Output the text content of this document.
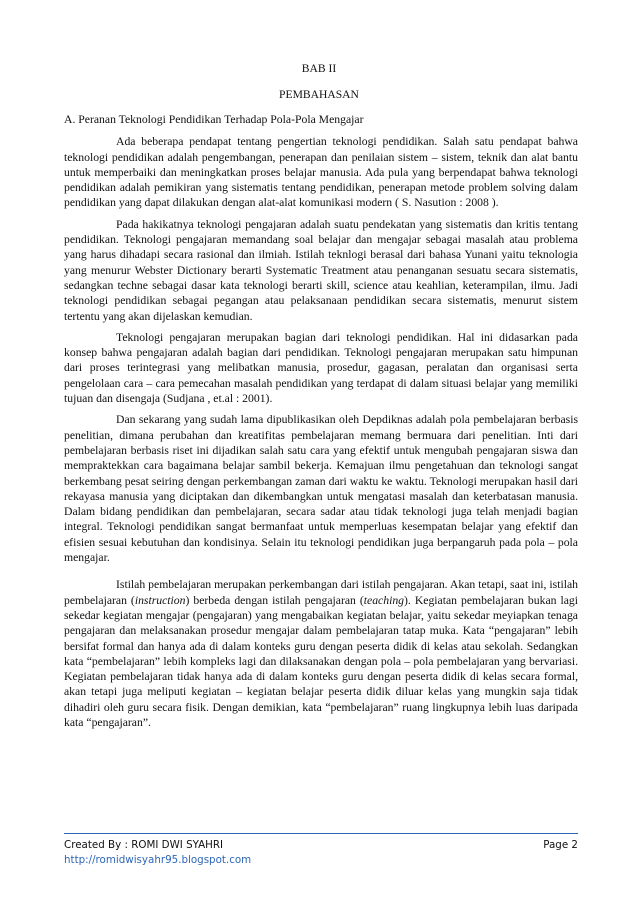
BAB II
PEMBAHASAN

A. Peranan Teknologi Pendidikan Terhadap Pola-Pola Mengajar

Ada beberapa pendapat tentang pengertian teknologi pendidikan. Salah satu pendapat bahwa teknologi pendidikan adalah pengembangan, penerapan dan penilaian sistem – sistem, teknik dan alat bantu untuk memperbaiki dan meningkatkan proses belajar manusia. Ada pula yang berpendapat bahwa teknologi pendidikan adalah pemikiran yang sistematis tentang pendidikan, penerapan metode problem solving dalam pendidikan yang dapat dilakukan dengan alat-alat komunikasi modern ( S. Nasution : 2008 ).

Pada hakikatnya teknologi pengajaran adalah suatu pendekatan yang sistematis dan kritis tentang pendidikan. Teknologi pengajaran memandang soal belajar dan mengajar sebagai masalah atau problema yang harus dihadapi secara rasional dan ilmiah. Istilah teknlogi berasal dari bahasa Yunani yaitu teknologia yang menurur Webster Dictionary berarti Systematic Treatment atau penanganan sesuatu secara sistematis, sedangkan techne sebagai dasar kata teknologi berarti skill, science atau keahlian, keterampilan, ilmu. Jadi teknologi pendidikan sebagai pegangan atau pelaksanaan pendidikan secara sistematis, menurut sistem tertentu yang akan dijelaskan kemudian.

Teknologi pengajaran merupakan bagian dari teknologi pendidikan. Hal ini didasarkan pada konsep bahwa pengajaran adalah bagian dari pendidikan. Teknologi pengajaran merupakan satu himpunan dari proses terintegrasi yang melibatkan manusia, prosedur, gagasan, peralatan dan organisasi serta pengelolaan cara – cara pemecahan masalah pendidikan yang terdapat di dalam situasi belajar yang memiliki tujuan dan disengaja (Sudjana , et.al : 2001).

Dan sekarang yang sudah lama dipublikasikan oleh Depdiknas adalah pola pembelajaran berbasis penelitian, dimana perubahan dan kreatifitas pembelajaran memang bermuara dari penelitian. Inti dari pembelajaran berbasis riset ini dijadikan salah satu cara yang efektif untuk mengubah pengajaran siswa dan mempraktekkan cara bagaimana belajar sambil bekerja. Kemajuan ilmu pengetahuan dan teknologi sangat berkembang pesat seiring dengan perkembangan zaman dari waktu ke waktu. Teknologi merupakan hasil dari rekayasa manusia yang diciptakan dan dikembangkan untuk mengatasi masalah dan keterbatasan manusia. Dalam bidang pendidikan dan pembelajaran, secara sadar atau tidak teknologi juga telah menjadi bagian integral. Teknologi pendidikan sangat bermanfaat untuk memperluas kesempatan belajar yang efektif dan efisien sesuai kebutuhan dan kondisinya. Selain itu teknologi pendidikan juga berpangaruh pada pola – pola mengajar.

Istilah pembelajaran merupakan perkembangan dari istilah pengajaran. Akan tetapi, saat ini, istilah pembelajaran (instruction) berbeda dengan istilah pengajaran (teaching). Kegiatan pembelajaran bukan lagi sekedar kegiatan mengajar (pengajaran) yang mengabaikan kegiatan belajar, yaitu sekedar meyiapkan tenaga pengajaran dan melaksanakan prosedur mengajar dalam pembelajaran tatap muka. Kata “pengajaran” lebih bersifat formal dan hanya ada di dalam konteks guru dengan peserta didik di kelas atau sekolah. Sedangkan kata “pembelajaran” lebih kompleks lagi dan dilaksanakan dengan pola – pola pembelajaran yang bervariasi. Kegiatan pembelajaran tidak hanya ada di dalam konteks guru dengan peserta didik di kelas secara formal, akan tetapi juga meliputi kegiatan – kegiatan belajar peserta didik diluar kelas yang mungkin saja tidak dihadiri oleh guru secara fisik. Dengan demikian, kata “pembelajaran” ruang lingkupnya lebih luas daripada kata “pengajaran”.

Created By : ROMI DWI SYAHRI	Page 2
http://romidwisyahr95.blogspot.com
